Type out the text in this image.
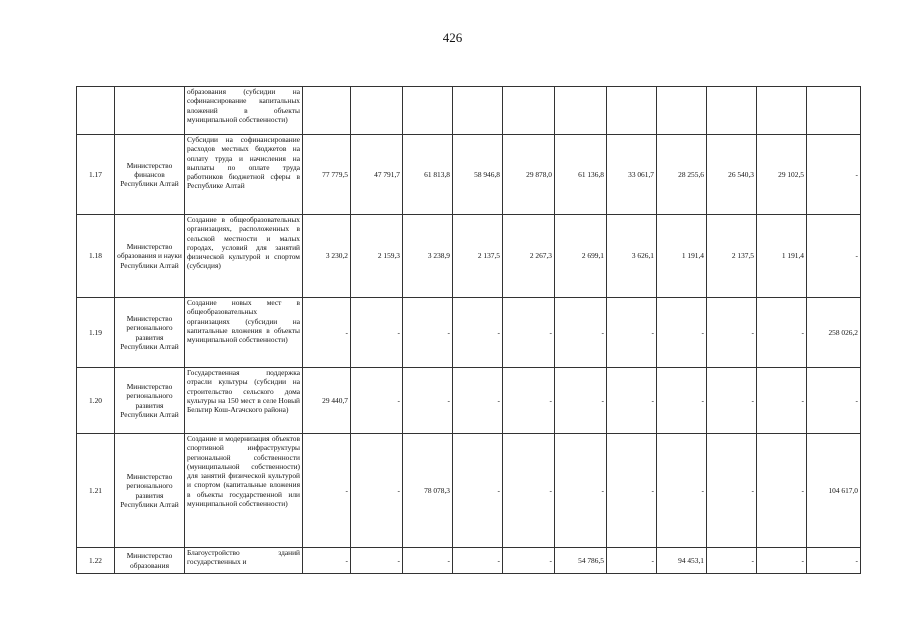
426
		образования (субсидии на софинансирование капитальных вложений в объекты муниципальной собственности)											
1.17	Министерство финансов Республики Алтай	Субсидии на софинансирование расходов местных бюджетов на оплату труда и начисления на выплаты по оплате труда работников бюджетной сферы в Республике Алтай	77 779,5	47 791,7	61 813,8	58 946,8	29 878,0	61 136,8	33 061,7	28 255,6	26 540,3	29 102,5	-
1.18	Министерство образования и науки Республики Алтай	Создание в общеобразовательных организациях, расположенных в сельской местности и малых городах, условий для занятий физической культурой и спортом (субсидия)	3 230,2	2 159,3	3 238,9	2 137,5	2 267,3	2 699,1	3 626,1	1 191,4	2 137,5	1 191,4	-
1.19	Министерство регионального развития Республики Алтай	Создание новых мест в общеобразовательных организациях (субсидии на капитальные вложения в объекты муниципальной собственности)	-	-	-	-	-	-	-	-	-	-	258 026,2
1.20	Министерство регионального развития Республики Алтай	Государственная поддержка отрасли культуры (субсидии на строительство сельского дома культуры на 150 мест в селе Новый Бельтир Кош-Агачского района)	29 440,7	-	-	-	-	-	-	-	-	-	-
1.21	Министерство регионального развития Республики Алтай	Создание и модернизация объектов спортивной инфраструктуры региональной собственности (муниципальной собственности) для занятий физической культурой и спортом (капитальные вложения в объекты государственной или муниципальной собственности)	-	-	78 078,3	-	-	-	-	-	-	-	104 617,0
1.22	Министерство образования	Благоустройство зданий государственных и	-	-	-	-	-	54 786,5	-	94 453,1	-	-	-
